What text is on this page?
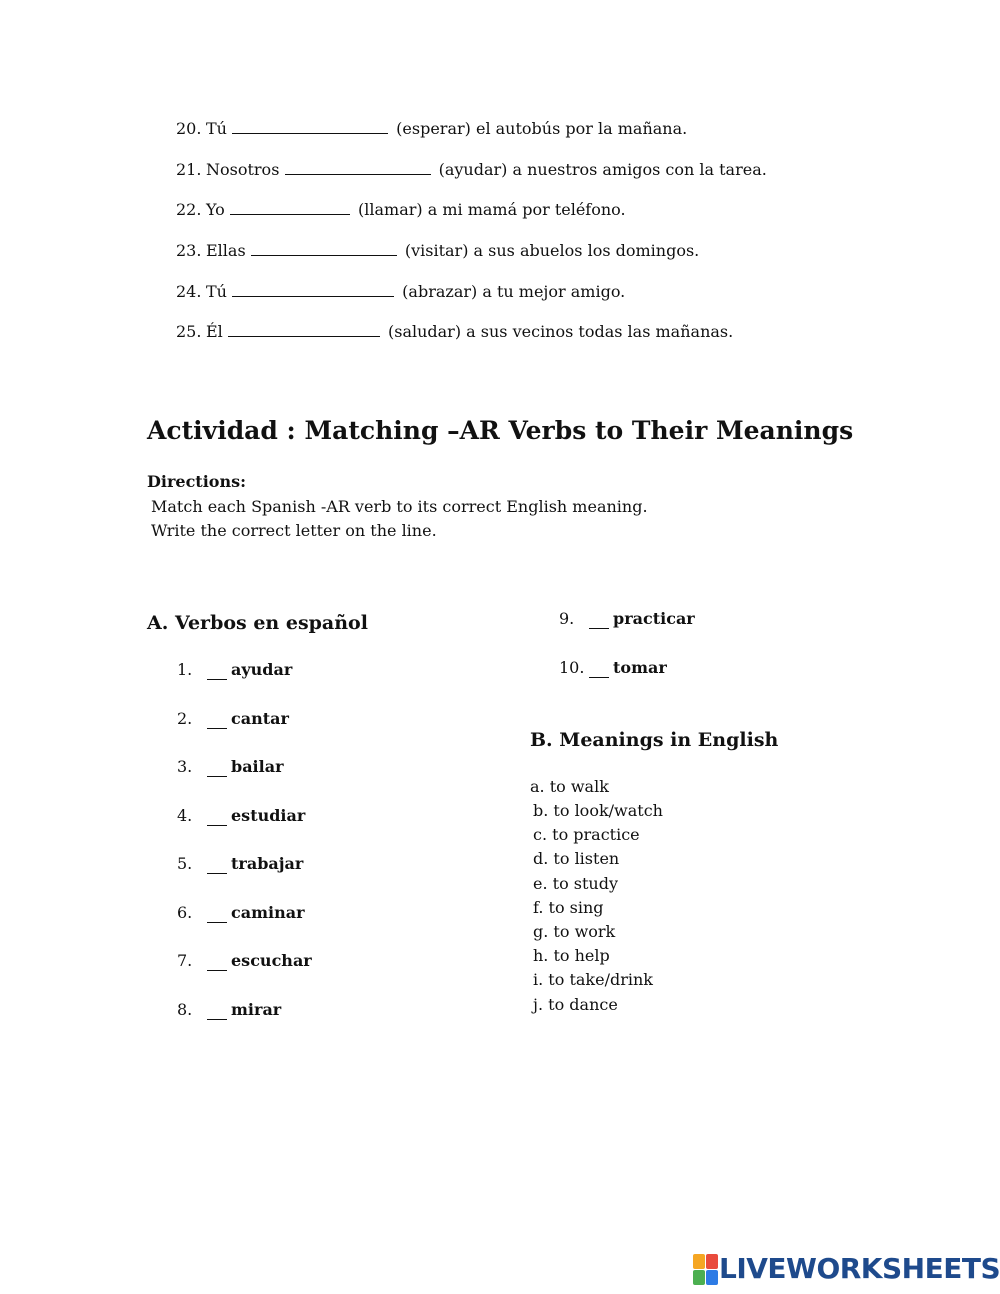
20. Tú	(esperar) el autobús por la mañana.
21. Nosotros	(ayudar) a nuestros amigos con la tarea.
22. Yo	(llamar) a mi mamá por teléfono.
23. Ellas	(visitar) a sus abuelos los domingos.
24. Tú	(abrazar) a tu mejor amigo.
25. Él	(saludar) a sus vecinos todas las mañanas.
Actividad : Matching –AR Verbs to Their Meanings
Directions:
Match each Spanish -AR verb to its correct English meaning.
Write the correct letter on the line.
A. Verbos en español
1. ayudar
2. cantar
3. bailar
4. estudiar
5. trabajar
6. caminar
7. escuchar
8. mirar
9. practicar
10. tomar
B. Meanings in English
a. to walk
b. to look/watch
c. to practice
d. to listen
e. to study
f. to sing
g. to work
h. to help
i. to take/drink
j. to dance
LIVEWORKSHEETS
